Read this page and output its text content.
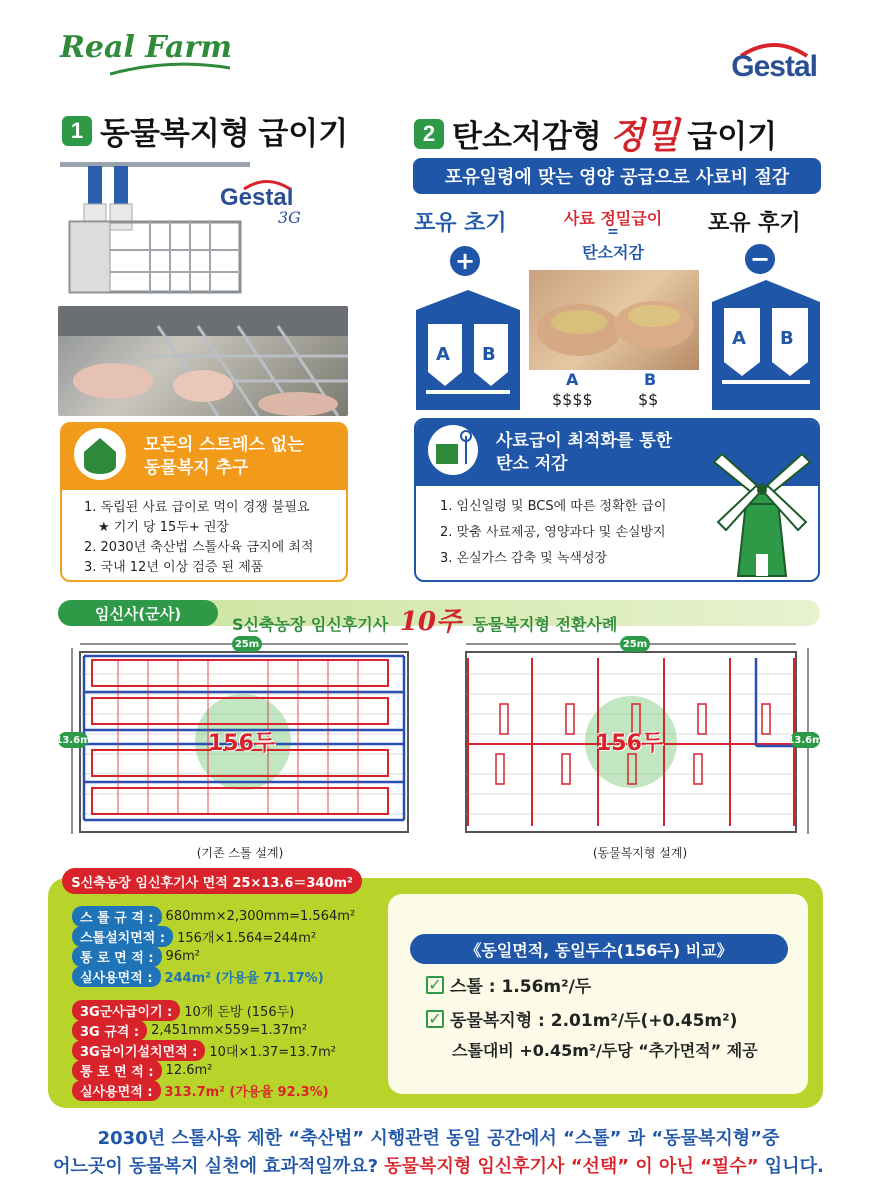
Real Farm
Gestal
1 동물복지형 급이기	2 탄소저감형 정밀 급이기
Gestal
3G
포유일령에 맞는 영양 공급으로 사료비 절감
포유 초기	포유 후기
사료 정밀급이
=
탄소저감
+	−
A B
A B
A
$$$$
B
$$
모돈의 스트레스 없는
동물복지 추구
1. 독립된 사료 급이로 먹이 경쟁 불필요
★ 기기 당 15두+ 권장
2. 2030년 축산법 스톨사육 금지에 최적
3. 국내 12년 이상 검증 된 제품
사료급이 최적화를 통한
탄소 저감
1. 임신일령 및 BCS에 따른 정확한 급이
2. 맞춤 사료제공, 영양과다 및 손실방지
3. 온실가스 감축 및 녹색성장
임신사(군사)
S신축농장 임신후기사 10주 동물복지형 전환사례
25m
13.6m	156두
25m
13.6m
156두
(기존 스톨 설계)	(동물복지형 설계)
S신축농장 임신후기사 면적 25×13.6＝340m²
스 톨 규 격 : 680mm×2,300mm=1.564m²
스톨설치면적 : 156개×1.564=244m²
통 로 면 적 : 96m²
실사용면적 : 244m² (가용율 71.17%)
3G군사급이기 : 10개 돈방 (156두)
3G 규격 : 2,451mm×559=1.37m²
3G급이기설치면적 : 10대×1.37=13.7m²
통 로 면 적 : 12.6m²
실사용면적 : 313.7m² (가용율 92.3%)
《동일면적, 동일두수(156두) 비교》
✓ 스톨 : 1.56m²/두
✓ 동물복지형 : 2.01m²/두(+0.45m²)
스톨대비 +0.45m²/두당 “추가면적” 제공
2030년 스톨사육 제한 “축산법” 시행관련 동일 공간에서 “스톨” 과 “동물복지형”중
어느곳이 동물복지 실천에 효과적일까요? 동물복지형 임신후기사 “선택” 이 아닌 “필수” 입니다.
